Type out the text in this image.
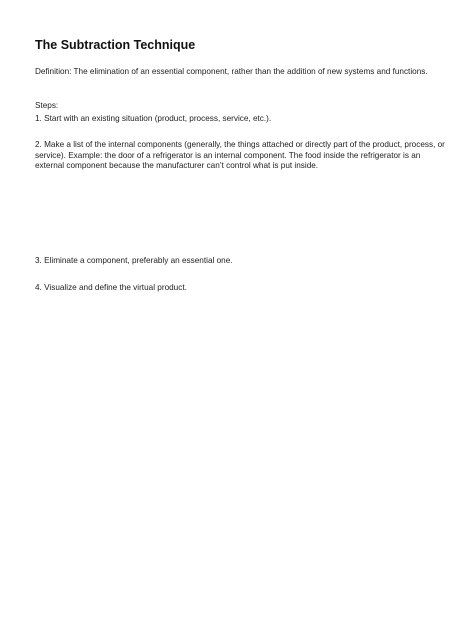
The Subtraction Technique

Definition: The elimination of an essential component, rather than the addition of new systems and functions.

Steps:

1. Start with an existing situation (product, process, service, etc.).

2. Make a list of the internal components (generally, the things attached or directly part of the product, process, or service). Example: the door of a refrigerator is an internal component. The food inside the refrigerator is an external component because the manufacturer can’t control what is put inside.

3. Eliminate a component, preferably an essential one.

4. Visualize and define the virtual product.
